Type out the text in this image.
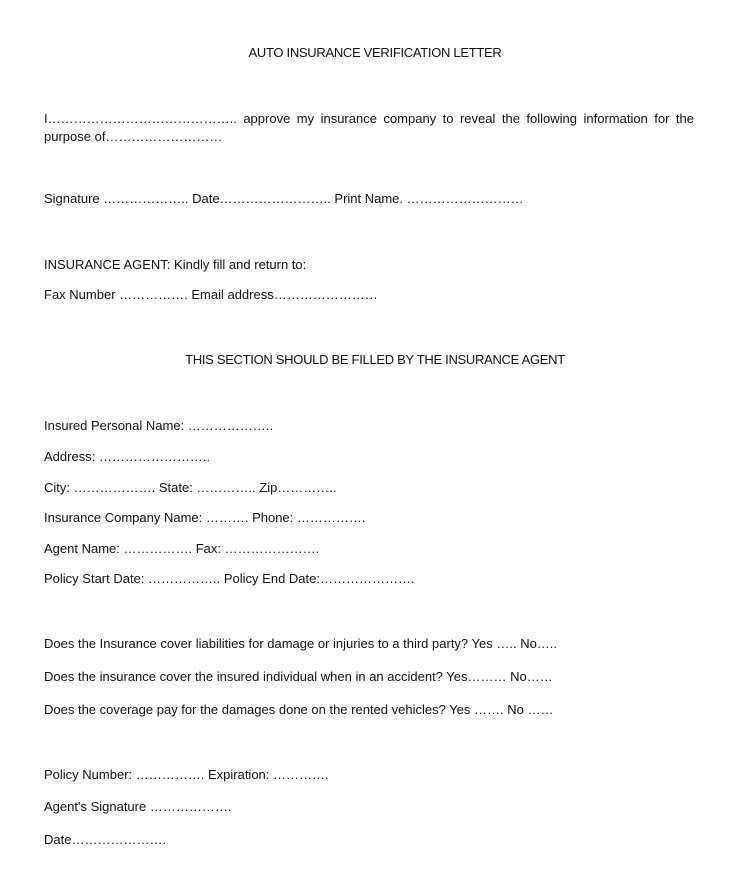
AUTO INSURANCE VERIFICATION LETTER
I…………………………………….. approve my insurance company to reveal the following information for the purpose of………………………
Signature ……………….. Date…………………….. Print Name. ………………………
INSURANCE AGENT: Kindly fill and return to:
Fax Number ……………. Email address……………………
THIS SECTION SHOULD BE FILLED BY THE INSURANCE AGENT
Insured Personal Name: ………………..
Address: ……………………..
City: ………………. State: ………….. Zip…………..
Insurance Company Name: ………. Phone: …………….
Agent Name: ……………. Fax: ………………….
Policy Start Date: …………….. Policy End Date:………………….
Does the Insurance cover liabilities for damage or injuries to a third party? Yes ….. No…..
Does the insurance cover the insured individual when in an accident? Yes……… No……
Does the coverage pay for the damages done on the rented vehicles? Yes ……. No ……
Policy Number: ……………. Expiration: ………….
Agent's Signature ……………….
Date………………….
